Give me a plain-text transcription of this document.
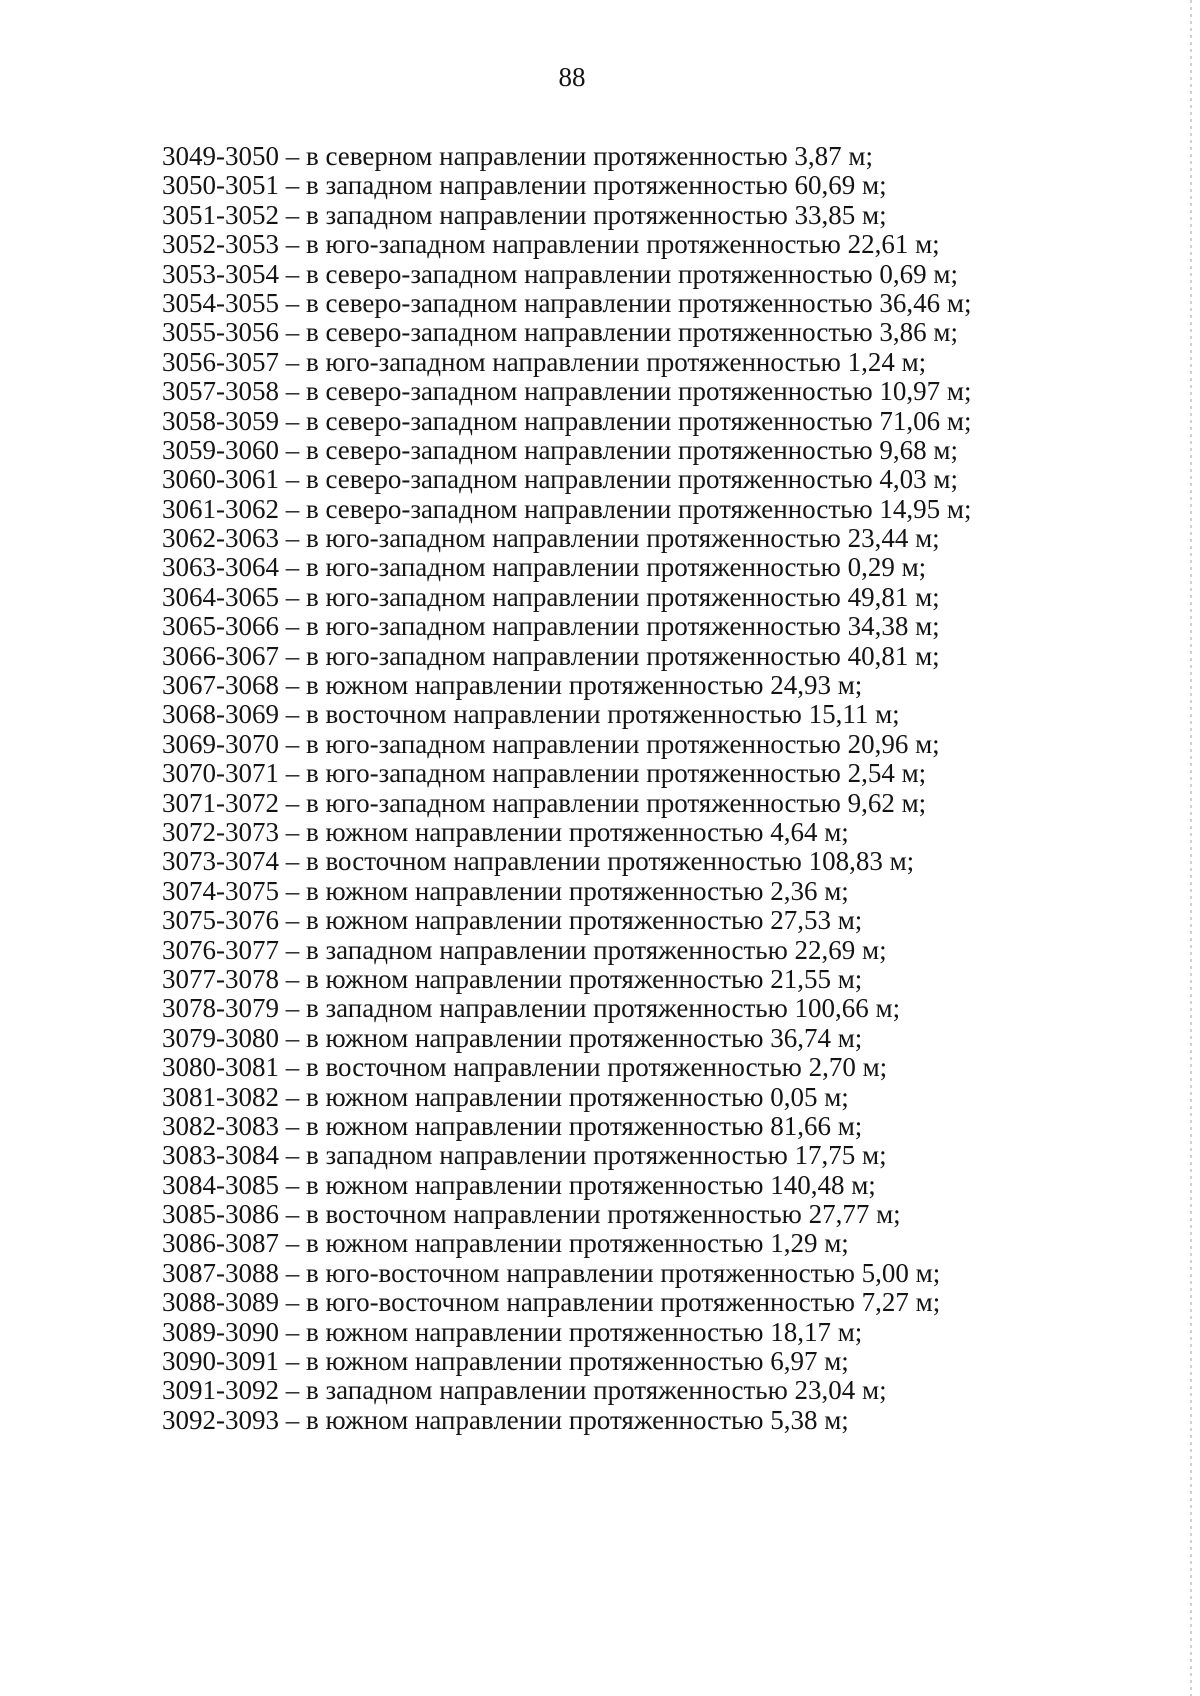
88
3049-3050 – в северном направлении протяженностью 3,87 м;
3050-3051 – в западном направлении протяженностью 60,69 м;
3051-3052 – в западном направлении протяженностью 33,85 м;
3052-3053 – в юго-западном направлении протяженностью 22,61 м;
3053-3054 – в северо-западном направлении протяженностью 0,69 м;
3054-3055 – в северо-западном направлении протяженностью 36,46 м;
3055-3056 – в северо-западном направлении протяженностью 3,86 м;
3056-3057 – в юго-западном направлении протяженностью 1,24 м;
3057-3058 – в северо-западном направлении протяженностью 10,97 м;
3058-3059 – в северо-западном направлении протяженностью 71,06 м;
3059-3060 – в северо-западном направлении протяженностью 9,68 м;
3060-3061 – в северо-западном направлении протяженностью 4,03 м;
3061-3062 – в северо-западном направлении протяженностью 14,95 м;
3062-3063 – в юго-западном направлении протяженностью 23,44 м;
3063-3064 – в юго-западном направлении протяженностью 0,29 м;
3064-3065 – в юго-западном направлении протяженностью 49,81 м;
3065-3066 – в юго-западном направлении протяженностью 34,38 м;
3066-3067 – в юго-западном направлении протяженностью 40,81 м;
3067-3068 – в южном направлении протяженностью 24,93 м;
3068-3069 – в восточном направлении протяженностью 15,11 м;
3069-3070 – в юго-западном направлении протяженностью 20,96 м;
3070-3071 – в юго-западном направлении протяженностью 2,54 м;
3071-3072 – в юго-западном направлении протяженностью 9,62 м;
3072-3073 – в южном направлении протяженностью 4,64 м;
3073-3074 – в восточном направлении протяженностью 108,83 м;
3074-3075 – в южном направлении протяженностью 2,36 м;
3075-3076 – в южном направлении протяженностью 27,53 м;
3076-3077 – в западном направлении протяженностью 22,69 м;
3077-3078 – в южном направлении протяженностью 21,55 м;
3078-3079 – в западном направлении протяженностью 100,66 м;
3079-3080 – в южном направлении протяженностью 36,74 м;
3080-3081 – в восточном направлении протяженностью 2,70 м;
3081-3082 – в южном направлении протяженностью 0,05 м;
3082-3083 – в южном направлении протяженностью 81,66 м;
3083-3084 – в западном направлении протяженностью 17,75 м;
3084-3085 – в южном направлении протяженностью 140,48 м;
3085-3086 – в восточном направлении протяженностью 27,77 м;
3086-3087 – в южном направлении протяженностью 1,29 м;
3087-3088 – в юго-восточном направлении протяженностью 5,00 м;
3088-3089 – в юго-восточном направлении протяженностью 7,27 м;
3089-3090 – в южном направлении протяженностью 18,17 м;
3090-3091 – в южном направлении протяженностью 6,97 м;
3091-3092 – в западном направлении протяженностью 23,04 м;
3092-3093 – в южном направлении протяженностью 5,38 м;
